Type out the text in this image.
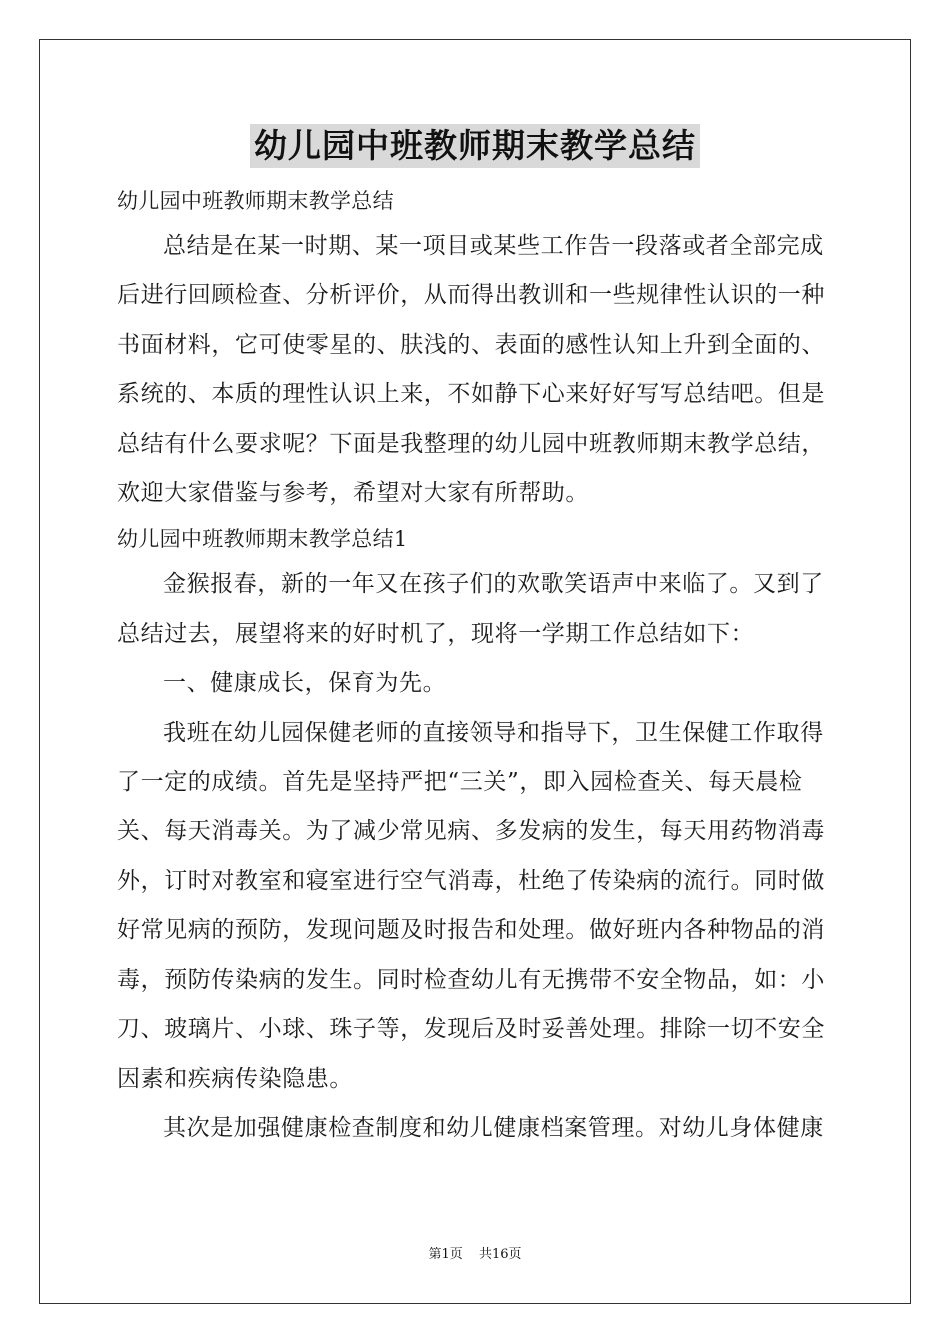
幼儿园中班教师期末教学总结
幼儿园中班教师期末教学总结
总结是在某一时期、某一项目或某些工作告一段落或者全部完成
后进行回顾检查、分析评价，从而得出教训和一些规律性认识的一种
书面材料，它可使零星的、肤浅的、表面的感性认知上升到全面的、
系统的、本质的理性认识上来，不如静下心来好好写写总结吧。但是
总结有什么要求呢？下面是我整理的幼儿园中班教师期末教学总结，
欢迎大家借鉴与参考，希望对大家有所帮助。
幼儿园中班教师期末教学总结1
金猴报春，新的一年又在孩子们的欢歌笑语声中来临了。又到了
总结过去，展望将来的好时机了，现将一学期工作总结如下：
一、健康成长，保育为先。
我班在幼儿园保健老师的直接领导和指导下，卫生保健工作取得
了一定的成绩。首先是坚持严把“三关”，即入园检查关、每天晨检
关、每天消毒关。为了减少常见病、多发病的发生，每天用药物消毒
外，订时对教室和寝室进行空气消毒，杜绝了传染病的流行。同时做
好常见病的预防，发现问题及时报告和处理。做好班内各种物品的消
毒，预防传染病的发生。同时检查幼儿有无携带不安全物品，如：小
刀、玻璃片、小球、珠子等，发现后及时妥善处理。排除一切不安全
因素和疾病传染隐患。
其次是加强健康检查制度和幼儿健康档案管理。对幼儿身体健康
第1页 共16页
